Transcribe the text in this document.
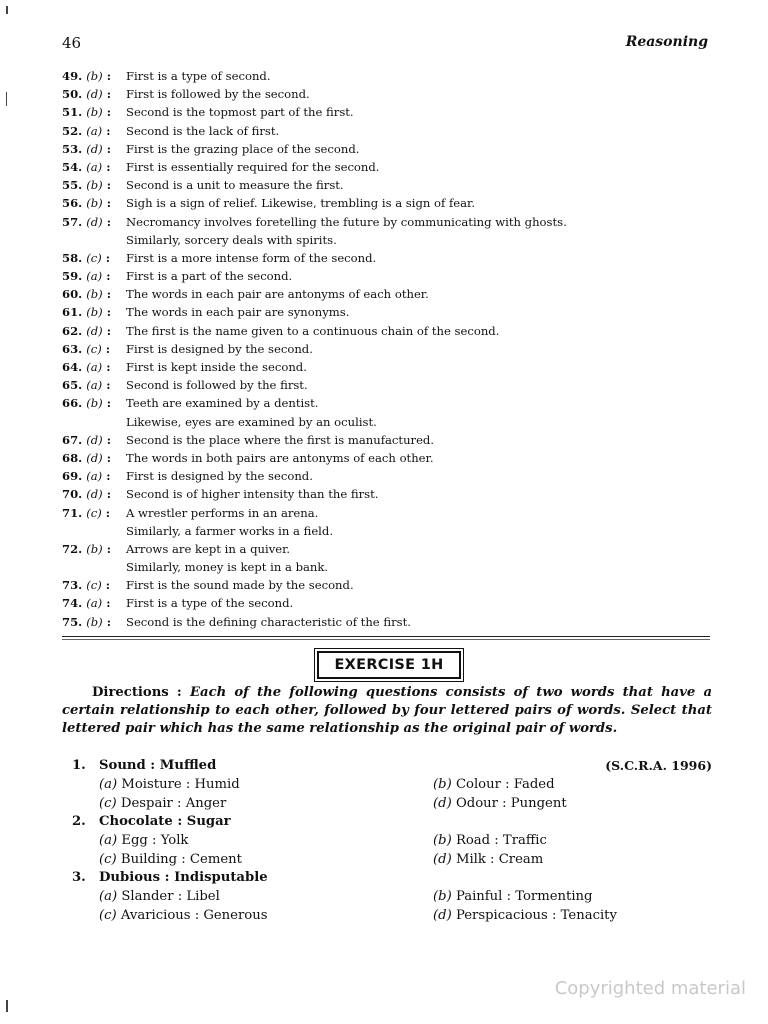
46	Reasoning
49. (b) :	First is a type of second.
50. (d) :	First is followed by the second.
51. (b) :	Second is the topmost part of the first.
52. (a) :	Second is the lack of first.
53. (d) :	First is the grazing place of the second.
54. (a) :	First is essentially required for the second.
55. (b) :	Second is a unit to measure the first.
56. (b) :	Sigh is a sign of relief. Likewise, trembling is a sign of fear.
57. (d) :	Necromancy involves foretelling the future by communicating with ghosts.
Similarly, sorcery deals with spirits.
58. (c) :	First is a more intense form of the second.
59. (a) :	First is a part of the second.
60. (b) :	The words in each pair are antonyms of each other.
61. (b) :	The words in each pair are synonyms.
62. (d) :	The first is the name given to a continuous chain of the second.
63. (c) :	First is designed by the second.
64. (a) :	First is kept inside the second.
65. (a) :	Second is followed by the first.
66. (b) :	Teeth are examined by a dentist.
Likewise, eyes are examined by an oculist.
67. (d) :	Second is the place where the first is manufactured.
68. (d) :	The words in both pairs are antonyms of each other.
69. (a) :	First is designed by the second.
70. (d) :	Second is of higher intensity than the first.
71. (c) :	A wrestler performs in an arena.
Similarly, a farmer works in a field.
72. (b) :	Arrows are kept in a quiver.
Similarly, money is kept in a bank.
73. (c) :	First is the sound made by the second.
74. (a) :	First is a type of the second.
75. (b) :	Second is the defining characteristic of the first.
EXERCISE 1H
Directions : Each of the following questions consists of two words that have a certain relationship to each other, followed by four lettered pairs of words. Select that lettered pair which has the same relationship as the original pair of words.
1. Sound : Muffled	(S.C.R.A. 1996)
(a) Moisture : Humid	(b) Colour : Faded
(c) Despair : Anger	(d) Odour : Pungent
2. Chocolate : Sugar
(a) Egg : Yolk	(b) Road : Traffic
(c) Building : Cement	(d) Milk : Cream
3. Dubious : Indisputable
(a) Slander : Libel	(b) Painful : Tormenting
(c) Avaricious : Generous	(d) Perspicacious : Tenacity
Copyrighted material
